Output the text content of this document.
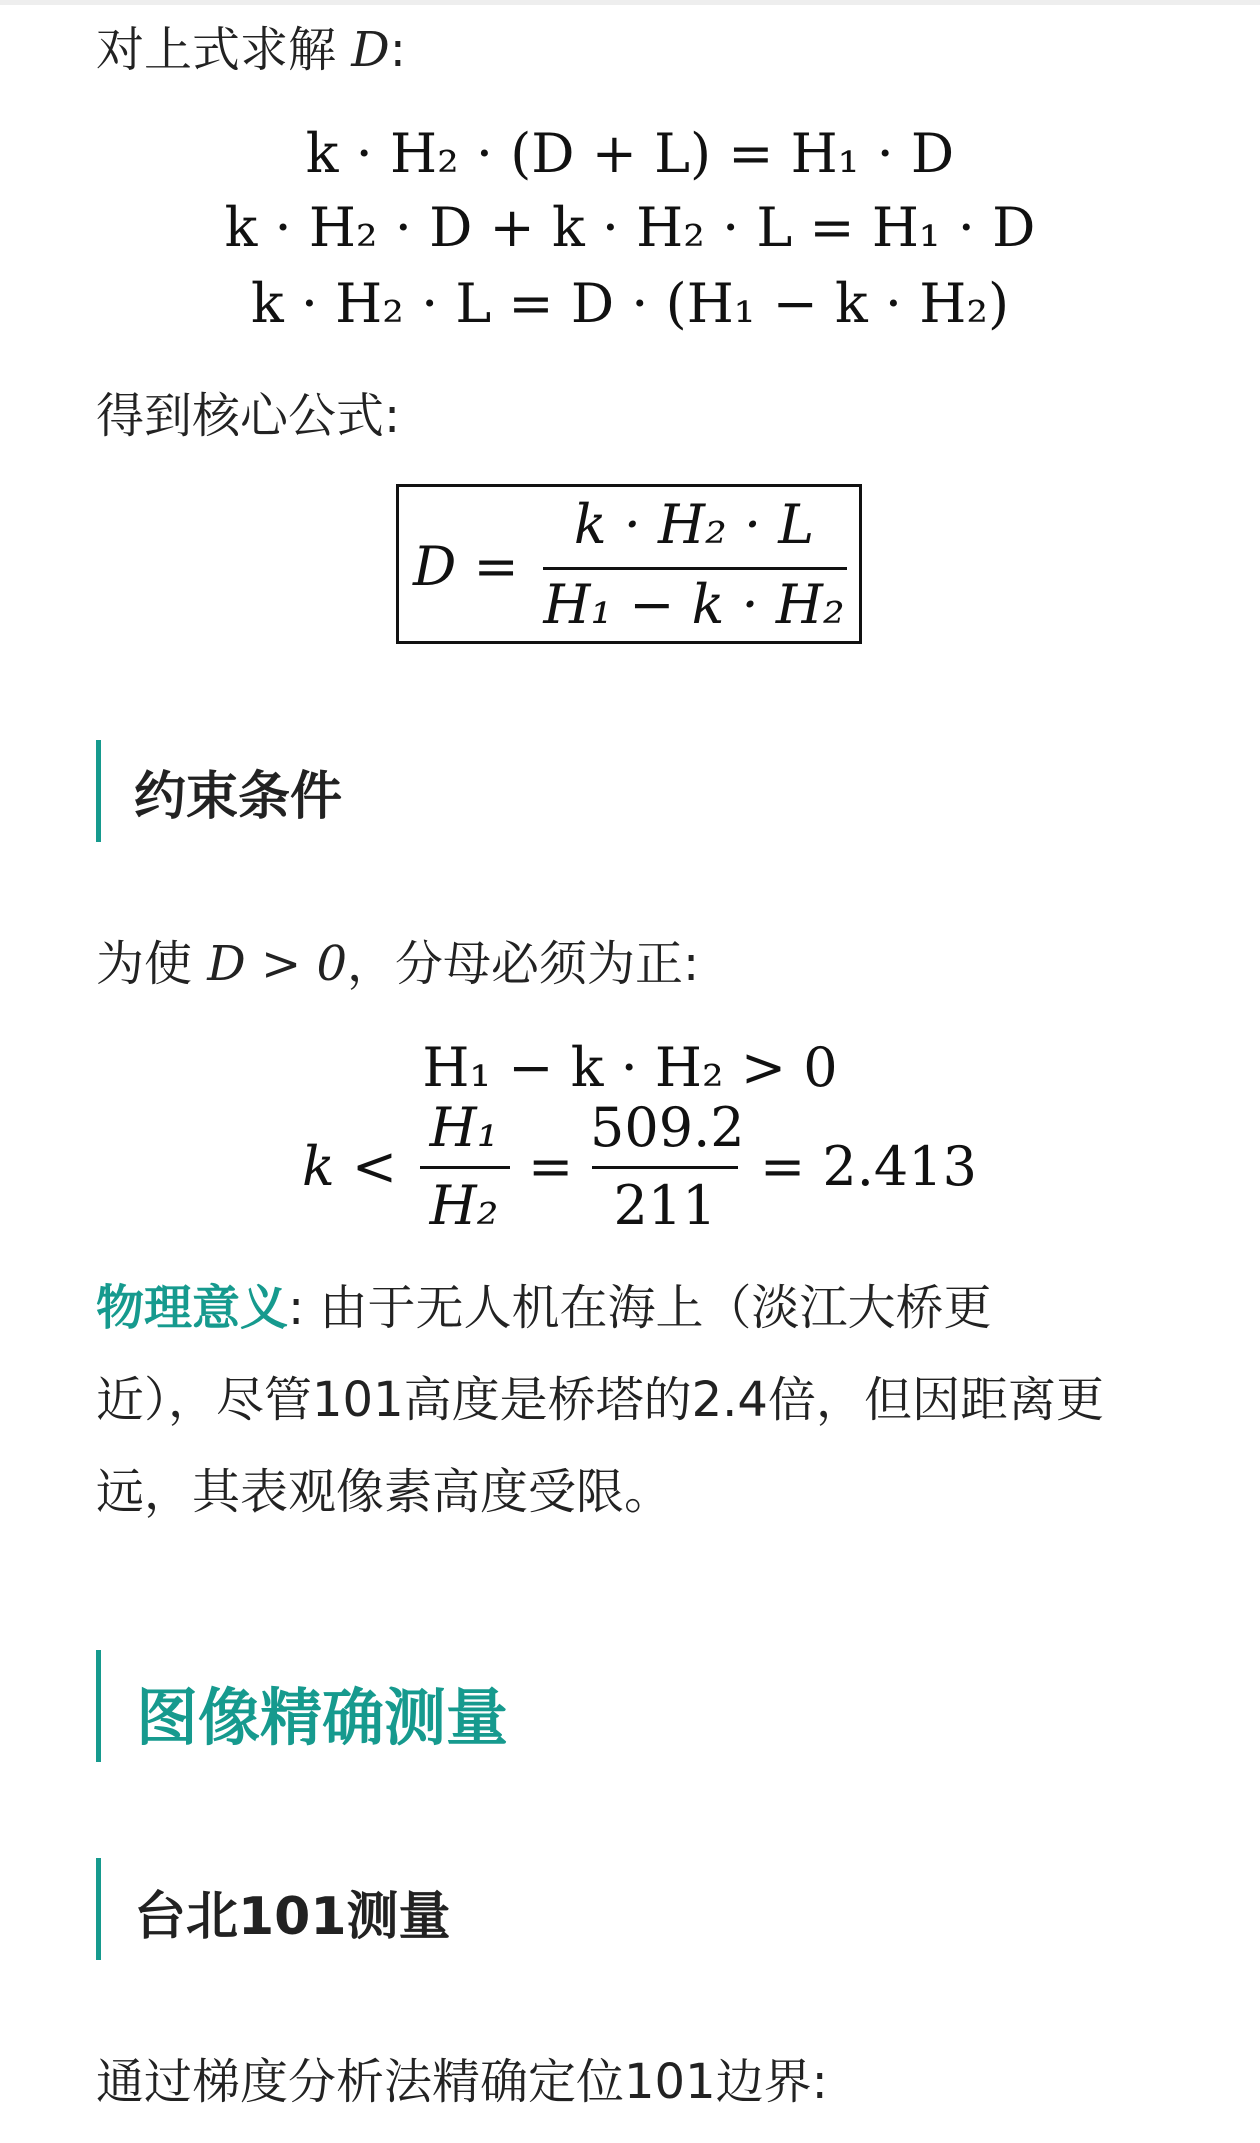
对上式求解 D:
k · H₂ · (D + L) = H₁ · D
k · H₂ · D + k · H₂ · L = H₁ · D
k · H₂ · L = D · (H₁ − k · H₂)
得到核心公式:
D =
k · H₂ · L
H₁ − k · H₂
约束条件
为使 D > 0，分母必须为正:
H₁ − k · H₂ > 0
k <
H₁
H₂
=
509.2
211
= 2.413
物理意义: 由于无人机在海上（淡江大桥更
近），尽管101高度是桥塔的2.4倍，但因距离更
远，其表观像素高度受限。
图像精确测量
台北101测量
通过梯度分析法精确定位101边界:
